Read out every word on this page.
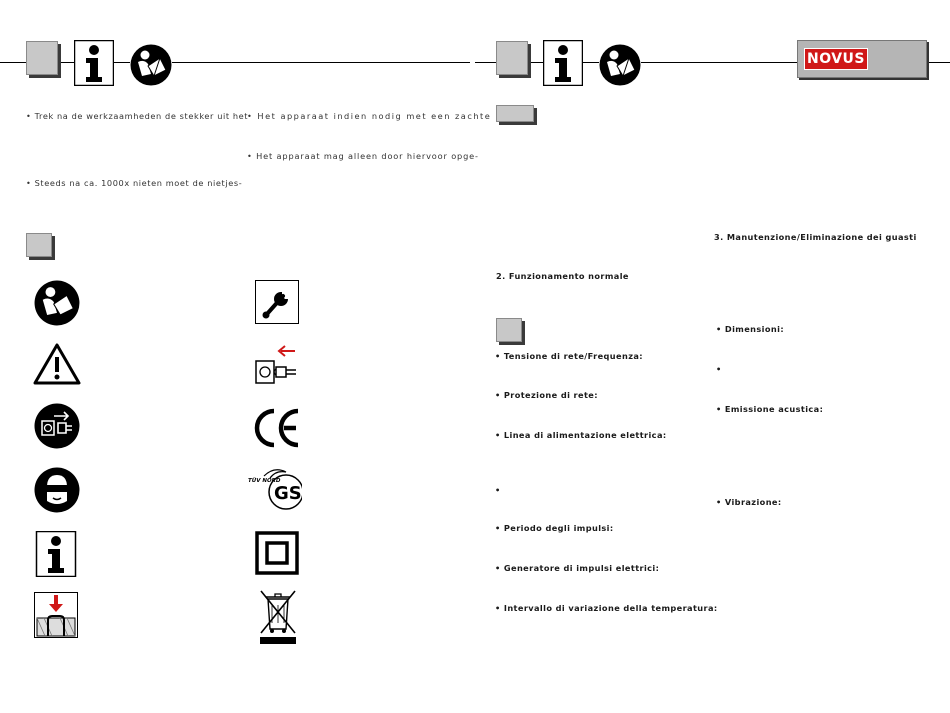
NOVUS
• Trek na de werkzaamheden de stekker uit het
• Steeds na ca. 1000x nieten moet de nietjes-
• Het apparaat indien nodig met een zachte
• Het apparaat mag alleen door hiervoor opge-
TÜV NORD
GS
3. Manutenzione/Eliminazione dei guasti
2. Funzionamento normale
• Tensione di rete/Frequenza:
• Protezione di rete:
• Linea di alimentazione elettrica:
•
• Periodo degli impulsi:
• Generatore di impulsi elettrici:
• Intervallo di variazione della temperatura:
• Dimensioni:
•
• Emissione acustica:
• Vibrazione:
